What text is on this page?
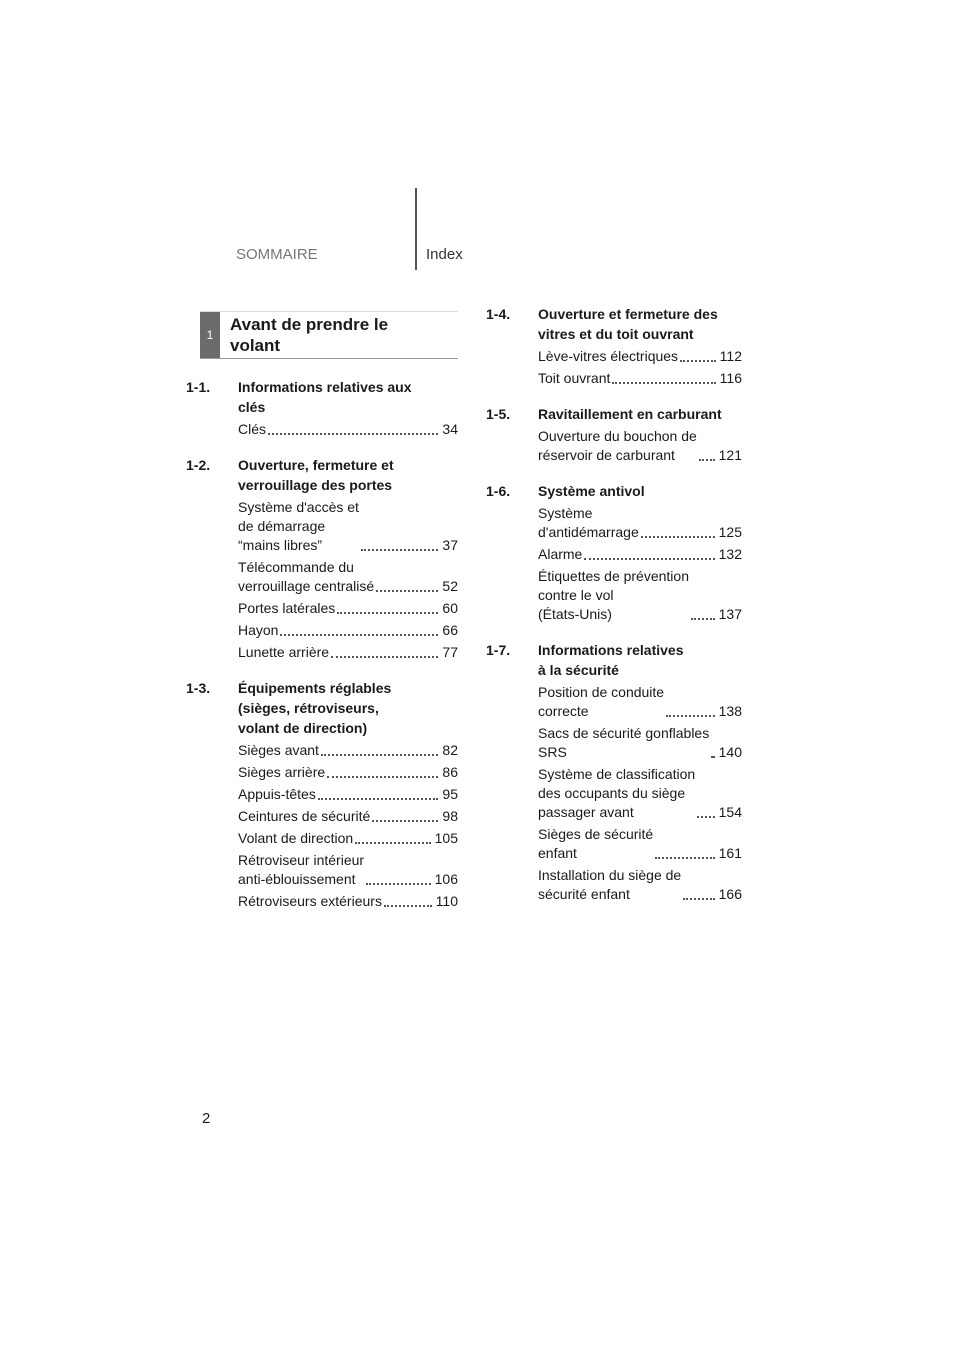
SOMMAIRE	Index
1
Avant de prendre le
volant
1-1.	Informations relatives aux
clés
Clés	34
1-2.	Ouverture, fermeture et
verrouillage des portes
Système d'accès et
de démarrage
“mains libres”	37
Télécommande du
verrouillage centralisé	52
Portes latérales	60
Hayon	66
Lunette arrière	77
1-3.	Équipements réglables
(sièges, rétroviseurs,
volant de direction)
Sièges avant	82
Sièges arrière	86
Appuis-têtes	95
Ceintures de sécurité	98
Volant de direction	105
Rétroviseur intérieur
anti-éblouissement	106
Rétroviseurs extérieurs	110
1-4.	Ouverture et fermeture des
vitres et du toit ouvrant
Lève-vitres électriques	112
Toit ouvrant	116
1-5.	Ravitaillement en carburant
Ouverture du bouchon de
réservoir de carburant	121
1-6.	Système antivol
Système
d'antidémarrage	125
Alarme	132
Étiquettes de prévention
contre le vol
(États-Unis)	137
1-7.	Informations relatives
à la sécurité
Position de conduite
correcte	138
Sacs de sécurité gonflables
SRS	140
Système de classification
des occupants du siège
passager avant	154
Sièges de sécurité
enfant	161
Installation du siège de
sécurité enfant	166
2
